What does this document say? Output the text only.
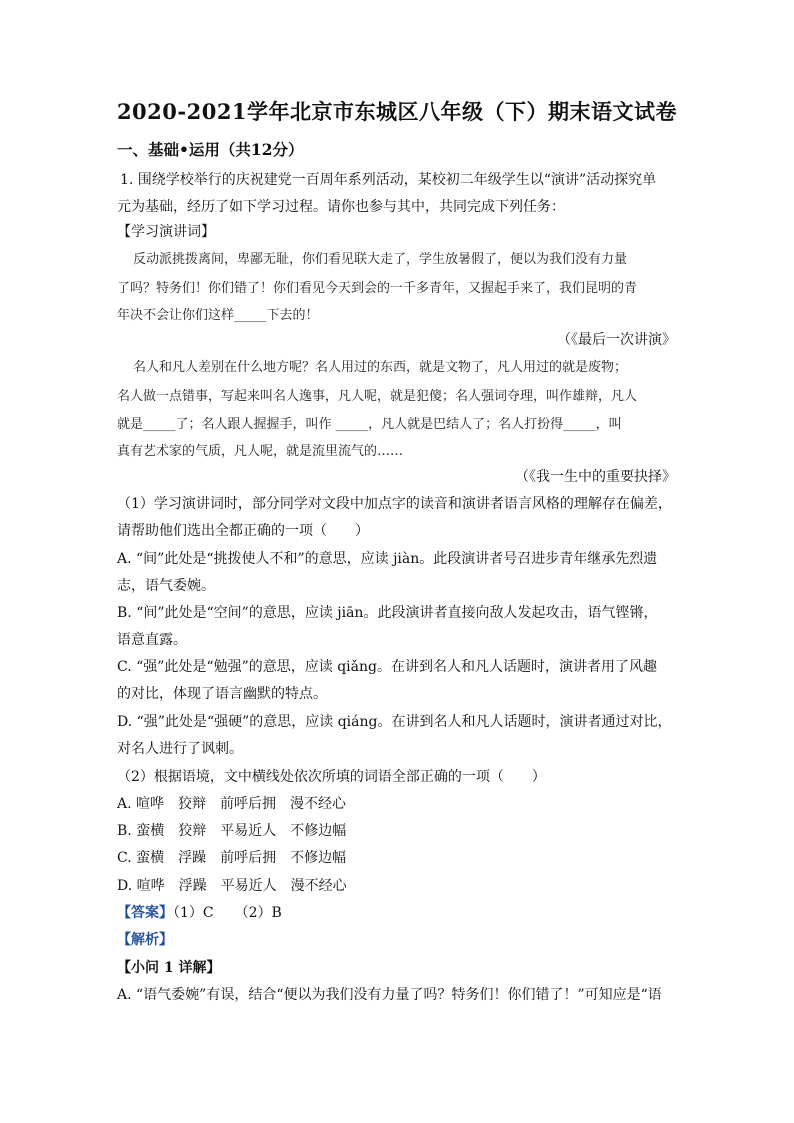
2020-2021学年北京市东城区八年级（下）期末语文试卷
一、基础•运用（共12分）
1. 围绕学校举行的庆祝建党一百周年系列活动，某校初二年级学生以“演讲”活动探究单
元为基础，经历了如下学习过程。请你也参与其中，共同完成下列任务：
【学习演讲词】
反动派挑拨离间，卑鄙无耻，你们看见联大走了，学生放暑假了，便以为我们没有力量
了吗？特务们！你们错了！你们看见今天到会的一千多青年，又握起手来了，我们昆明的青
年决不会让你们这样_____下去的！
（《最后一次讲演》
名人和凡人差别在什么地方呢？名人用过的东西，就是文物了，凡人用过的就是废物；
名人做一点错事，写起来叫名人逸事，凡人呢，就是犯傻；名人强词夺理，叫作雄辩，凡人
就是_____了；名人跟人握握手，叫作 _____，凡人就是巴结人了；名人打扮得_____，叫
真有艺术家的气质，凡人呢，就是流里流气的……
（《我一生中的重要抉择》
（1）学习演讲词时，部分同学对文段中加点字的读音和演讲者语言风格的理解存在偏差，
请帮助他们选出全都正确的一项（　　）
A. “间”此处是“挑拨使人不和”的意思，应读 jiàn。此段演讲者号召进步青年继承先烈遗
志，语气委婉。
B. “间”此处是“空间”的意思，应读 jiān。此段演讲者直接向敌人发起攻击，语气铿锵，
语意直露。
C. “强”此处是“勉强”的意思，应读 qiǎng。在讲到名人和凡人话题时，演讲者用了风趣
的对比，体现了语言幽默的特点。
D. “强”此处是“强硬”的意思，应读 qiáng。在讲到名人和凡人话题时，演讲者通过对比，
对名人进行了讽刺。
（2）根据语境，文中横线处依次所填的词语全部正确的一项（　　）
A. 喧哗　狡辩　前呼后拥　漫不经心
B. 蛮横　狡辩　平易近人　不修边幅
C. 蛮横　浮躁　前呼后拥　不修边幅
D. 喧哗　浮躁　平易近人　漫不经心
【答案】（1）C　　（2）B
【解析】
【小问 1 详解】
A. “语气委婉”有误，结合“便以为我们没有力量了吗？特务们！你们错了！”可知应是“语
